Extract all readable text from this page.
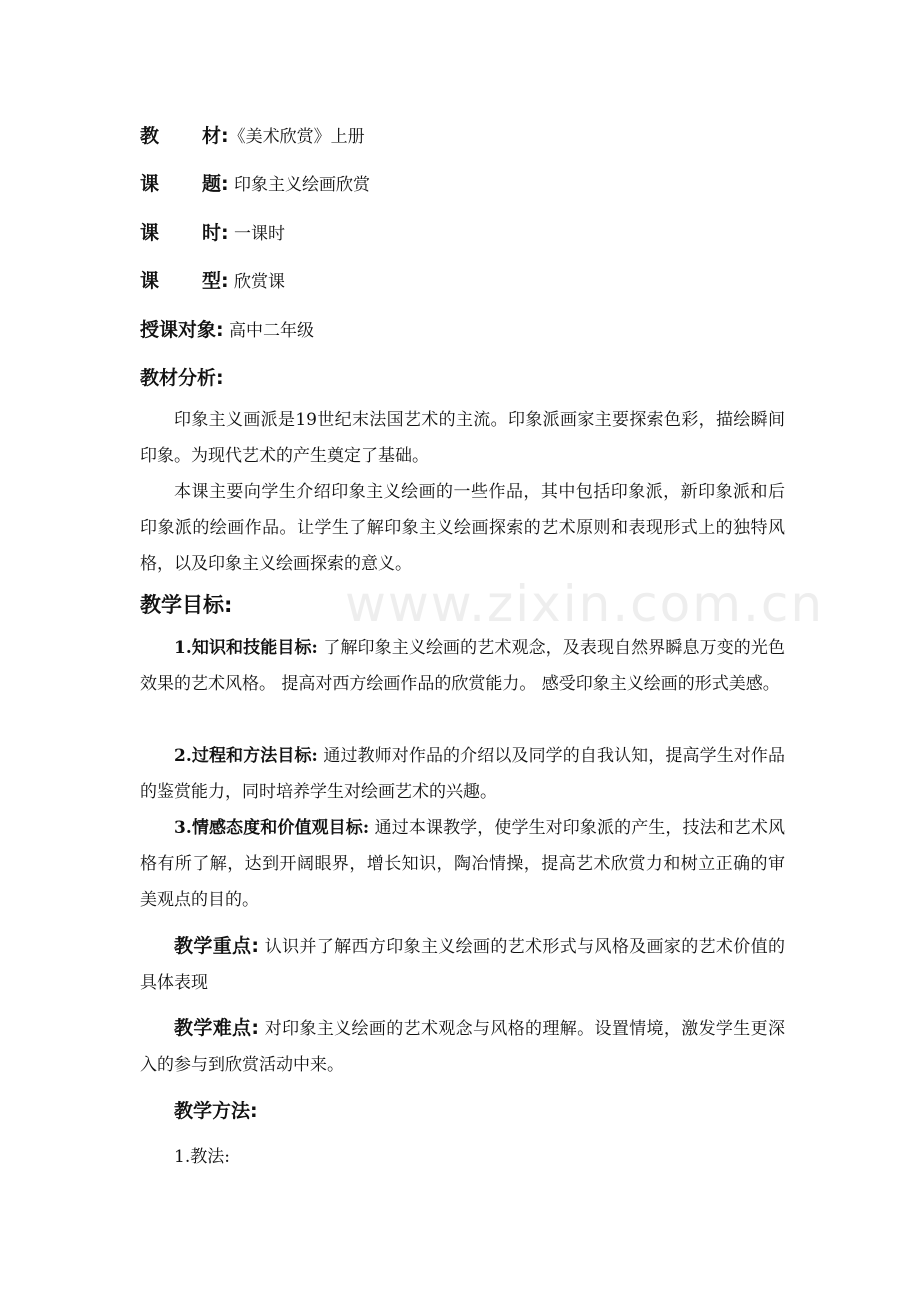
www.zixin.com.cn
教 材:《美术欣赏》上册
课 题: 印象主义绘画欣赏
课 时: 一课时
课 型: 欣赏课
授课对象: 高中二年级
教材分析:
印象主义画派是19世纪末法国艺术的主流。印象派画家主要探索色彩，描绘瞬间印象。为现代艺术的产生奠定了基础。
本课主要向学生介绍印象主义绘画的一些作品，其中包括印象派，新印象派和后印象派的绘画作品。让学生了解印象主义绘画探索的艺术原则和表现形式上的独特风格，以及印象主义绘画探索的意义。
教学目标:
1.知识和技能目标: 了解印象主义绘画的艺术观念，及表现自然界瞬息万变的光色效果的艺术风格。 提高对西方绘画作品的欣赏能力。 感受印象主义绘画的形式美感。
2.过程和方法目标: 通过教师对作品的介绍以及同学的自我认知，提高学生对作品的鉴赏能力，同时培养学生对绘画艺术的兴趣。
3.情感态度和价值观目标: 通过本课教学，使学生对印象派的产生，技法和艺术风格有所了解，达到开阔眼界，增长知识，陶冶情操，提高艺术欣赏力和树立正确的审美观点的目的。
教学重点: 认识并了解西方印象主义绘画的艺术形式与风格及画家的艺术价值的具体表现
教学难点: 对印象主义绘画的艺术观念与风格的理解。设置情境，激发学生更深入的参与到欣赏活动中来。
教学方法:
1.教法:
